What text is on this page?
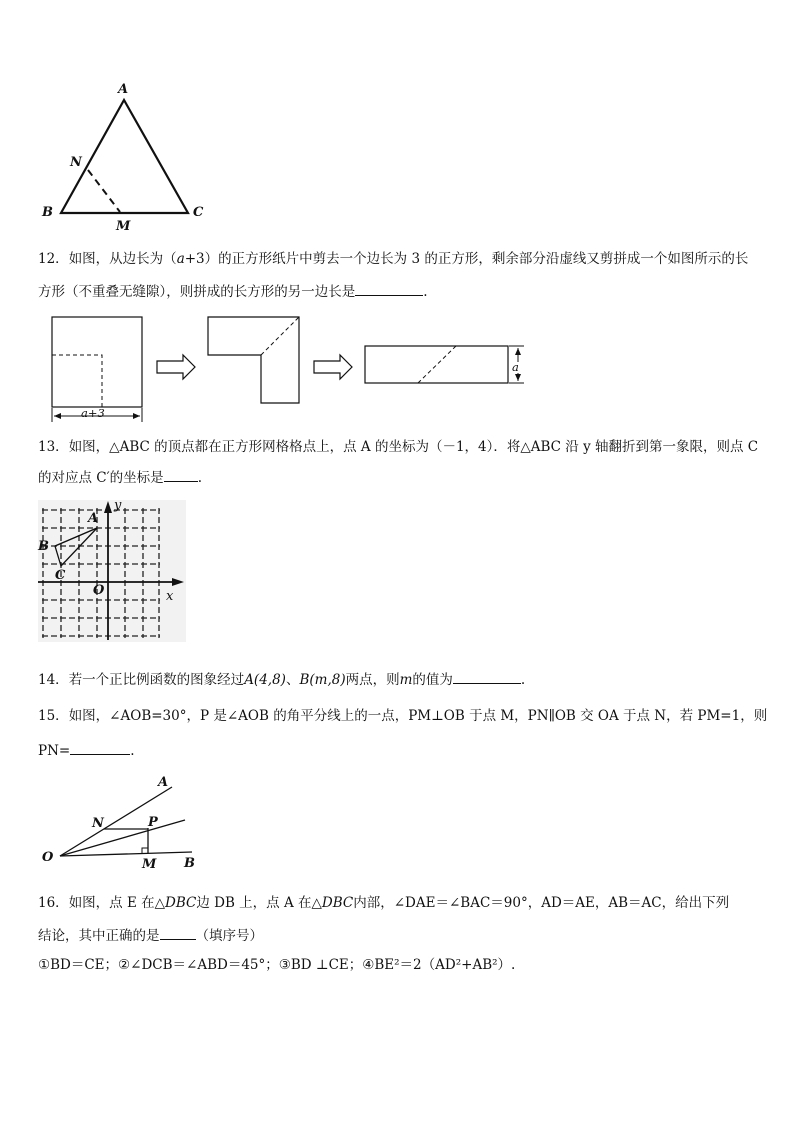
A
N
B
M
C
12．如图，从边长为（a+3）的正方形纸片中剪去一个边长为 3 的正方形，剩余部分沿虚线又剪拼成一个如图所示的长
方形（不重叠无缝隙），则拼成的长方形的另一边长是	.
a+3
a
13．如图，△ABC 的顶点都在正方形网格格点上，点 A 的坐标为（－1，4）．将△ABC 沿 y 轴翻折到第一象限，则点 C
的对应点 C′的坐标是	.
A
B
C
O	x
y
14．若一个正比例函数的图象经过A(4,8)、B(m,8)两点，则m的值为	.
15．如图，∠AOB=30°，P 是∠AOB 的角平分线上的一点，PM⊥OB 于点 M，PN∥OB 交 OA 于点 N，若 PM=1，则
PN=	.
A
N	P
O	M B
16．如图，点 E 在△DBC边 DB 上，点 A 在△DBC内部，∠DAE＝∠BAC＝90°，AD＝AE，AB＝AC，给出下列
结论，其中正确的是	（填序号）
①BD＝CE；②∠DCB＝∠ABD＝45°；③BD ⊥CE；④BE²＝2（AD²+AB²）.
